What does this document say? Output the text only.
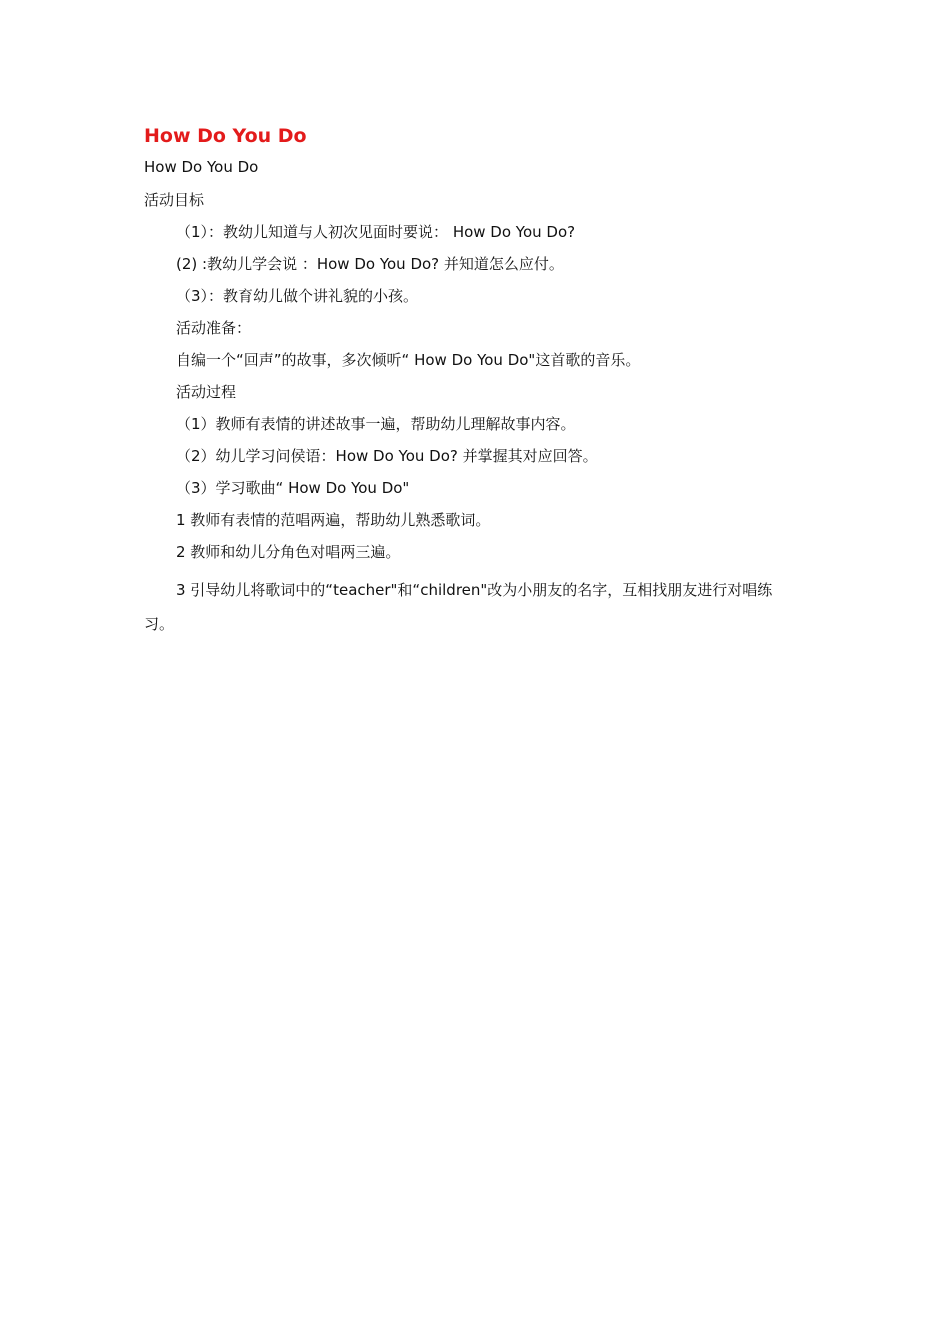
How Do You Do

How Do You Do

活动目标

（1）：教幼儿知道与人初次见面时要说： How Do You Do?

(2) :教幼儿学会说 ：How Do You Do? 并知道怎么应付。

（3）：教育幼儿做个讲礼貌的小孩。

活动准备：

自编一个“回声”的故事，多次倾听“ How Do You Do"这首歌的音乐。

活动过程

（1）教师有表情的讲述故事一遍，帮助幼儿理解故事内容。

（2）幼儿学习问侯语：How Do You Do? 并掌握其对应回答。

（3）学习歌曲“ How Do You Do"

1 教师有表情的范唱两遍，帮助幼儿熟悉歌词。

2 教师和幼儿分角色对唱两三遍。

3 引导幼儿将歌词中的“teacher"和“children"改为小朋友的名字，互相找朋友进行对唱练习。
